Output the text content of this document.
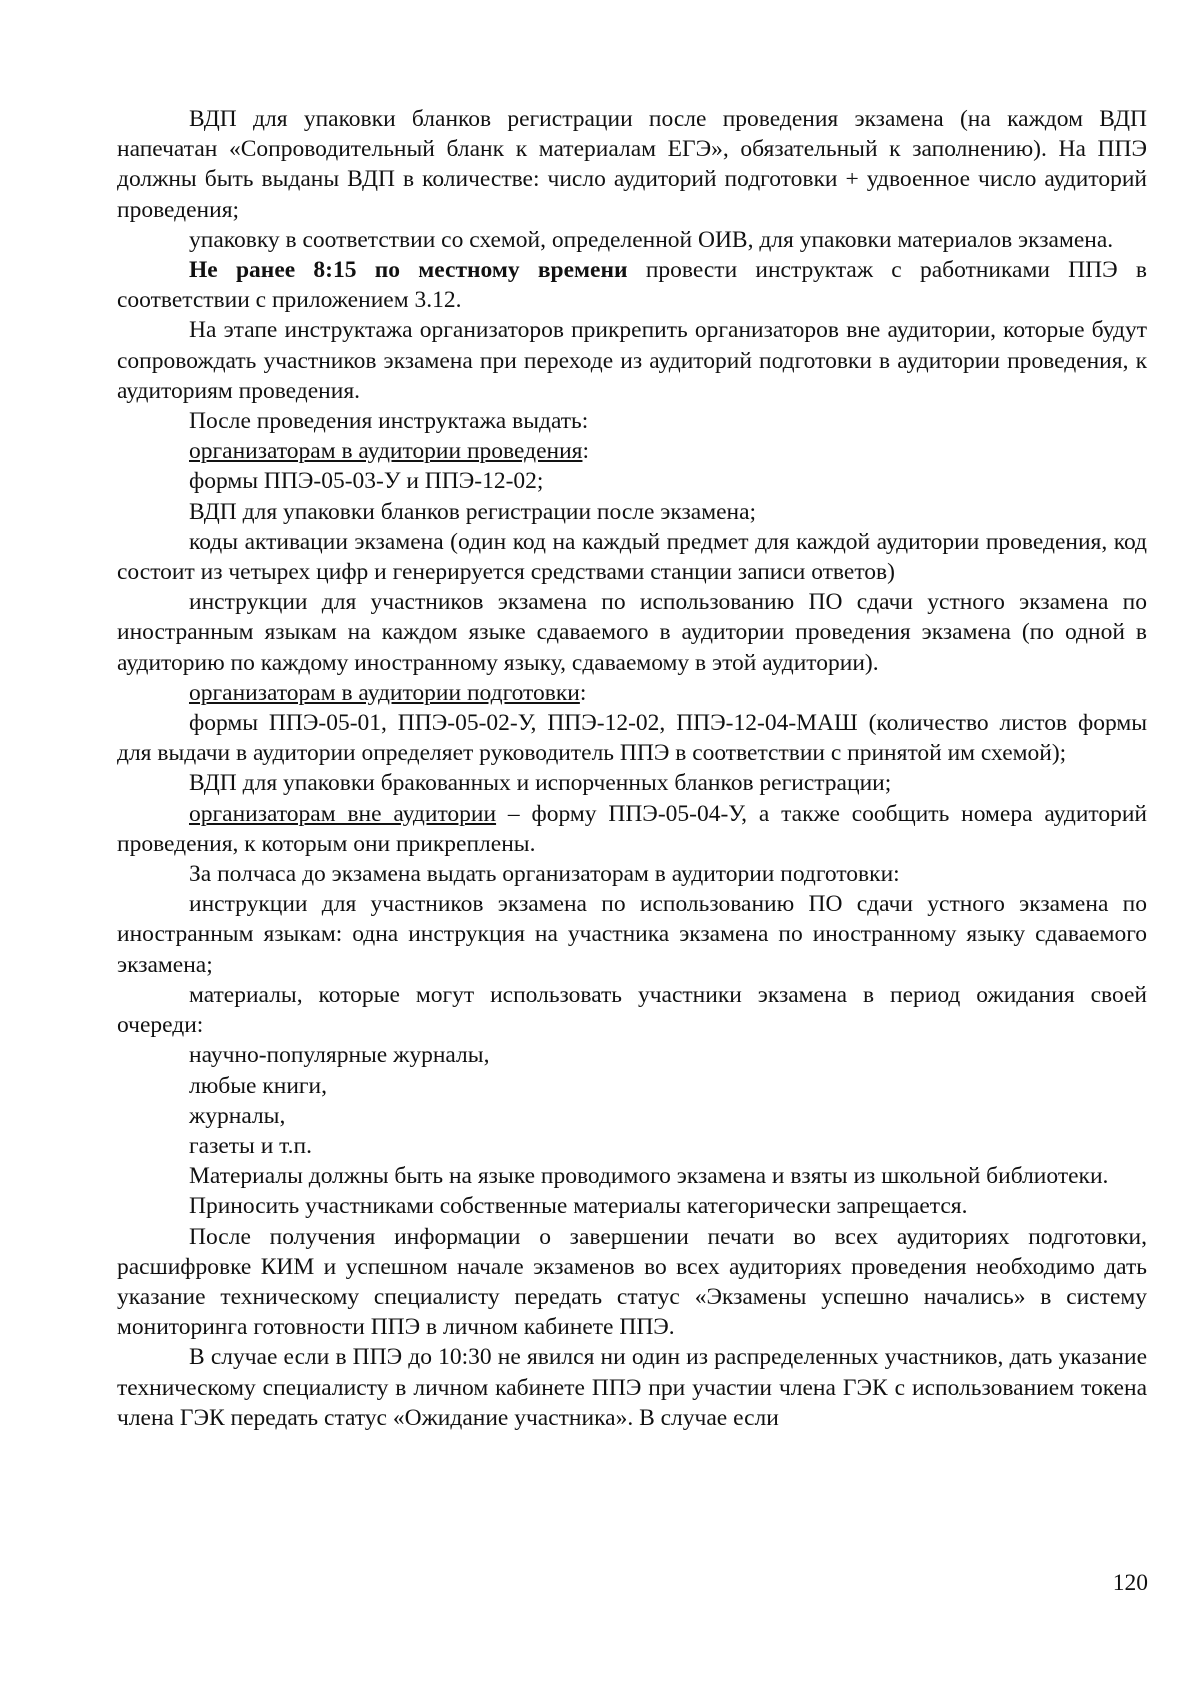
ВДП для упаковки бланков регистрации после проведения экзамена (на каждом ВДП напечатан «Сопроводительный бланк к материалам ЕГЭ», обязательный к заполнению). На ППЭ должны быть выданы ВДП в количестве: число аудиторий подготовки + удвоенное число аудиторий проведения;

упаковку в соответствии со схемой, определенной ОИВ, для упаковки материалов экзамена.

Не ранее 8:15 по местному времени провести инструктаж с работниками ППЭ в соответствии с приложением 3.12.

На этапе инструктажа организаторов прикрепить организаторов вне аудитории, которые будут сопровождать участников экзамена при переходе из аудиторий подготовки в аудитории проведения, к аудиториям проведения.

После проведения инструктажа выдать:

организаторам в аудитории проведения:

формы ППЭ-05-03-У и ППЭ-12-02;

ВДП для упаковки бланков регистрации после экзамена;

коды активации экзамена (один код на каждый предмет для каждой аудитории проведения, код состоит из четырех цифр и генерируется средствами станции записи ответов)

инструкции для участников экзамена по использованию ПО сдачи устного экзамена по иностранным языкам на каждом языке сдаваемого в аудитории проведения экзамена (по одной в аудиторию по каждому иностранному языку, сдаваемому в этой аудитории).

организаторам в аудитории подготовки:

формы ППЭ-05-01, ППЭ-05-02-У, ППЭ-12-02, ППЭ-12-04-МАШ (количество листов формы для выдачи в аудитории определяет руководитель ППЭ в соответствии с принятой им схемой);

ВДП для упаковки бракованных и испорченных бланков регистрации;

организаторам вне аудитории – форму ППЭ-05-04-У, а также сообщить номера аудиторий проведения, к которым они прикреплены.

За полчаса до экзамена выдать организаторам в аудитории подготовки:

инструкции для участников экзамена по использованию ПО сдачи устного экзамена по иностранным языкам: одна инструкция на участника экзамена по иностранному языку сдаваемого экзамена;

материалы, которые могут использовать участники экзамена в период ожидания своей очереди:

научно-популярные журналы,

любые книги,

журналы,

газеты и т.п.

Материалы должны быть на языке проводимого экзамена и взяты из школьной библиотеки.

Приносить участниками собственные материалы категорически запрещается.

После получения информации о завершении печати во всех аудиториях подготовки, расшифровке КИМ и успешном начале экзаменов во всех аудиториях проведения необходимо дать указание техническому специалисту передать статус «Экзамены успешно начались» в систему мониторинга готовности ППЭ в личном кабинете ППЭ.

В случае если в ППЭ до 10:30 не явился ни один из распределенных участников, дать указание техническому специалисту в личном кабинете ППЭ при участии члена ГЭК с использованием токена члена ГЭК передать статус «Ожидание участника». В случае если

120
